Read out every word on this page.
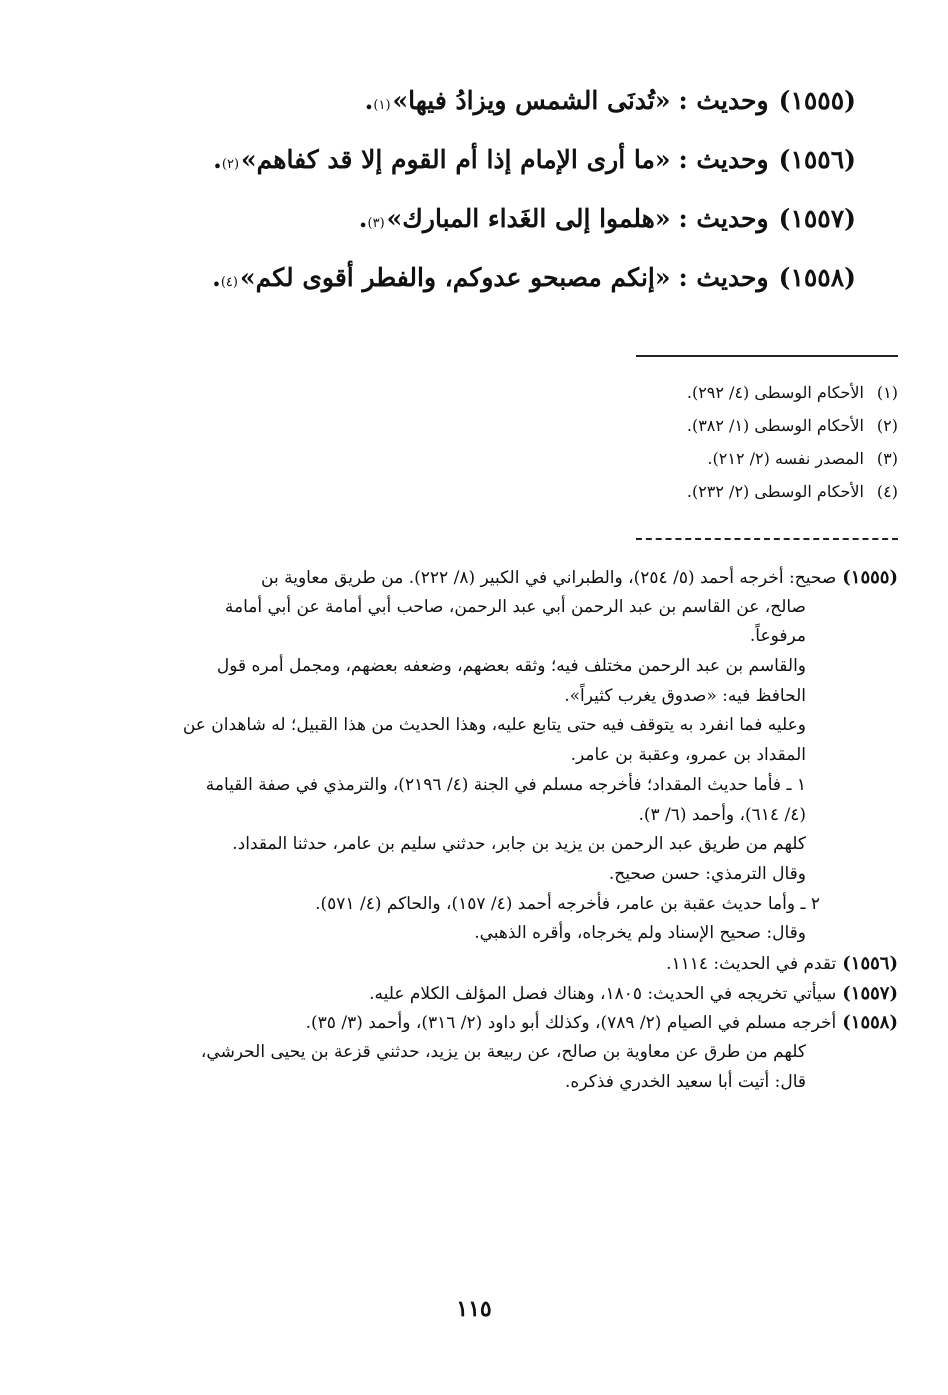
(١٥٥٥)
وحديث :
«تُدنَى الشمس ويزادُ فيها»
(١)
.
(١٥٥٦)
وحديث :
«ما أرى الإمام إذا أم القوم إلا قد كفاهم»
(٢)
.
(١٥٥٧)
وحديث :
«هلموا إلى الغَداء المبارك»
(٣)
.
(١٥٥٨)
وحديث :
«إنكم مصبحو عدوكم، والفطر أقوى لكم»
(٤)
.
(١)
الأحكام الوسطى (٤/ ٢٩٢).
(٢)
الأحكام الوسطى (١/ ٣٨٢).
(٣)
المصدر نفسه (٢/ ٢١٢).
(٤)
الأحكام الوسطى (٢/ ٢٣٢).
(١٥٥٥)صحيح: أخرجه أحمد (٥/ ٢٥٤)، والطبراني في الكبير (٨/ ٢٢٢). من طريق معاوية بن
صالح، عن القاسم بن عبد الرحمن أبي عبد الرحمن، صاحب أبي أمامة عن أبي أمامة
مرفوعاً.
والقاسم بن عبد الرحمن مختلف فيه؛ وثقه بعضهم، وضعفه بعضهم، ومجمل أمره قول
الحافظ فيه: «صدوق يغرب كثيراً».
وعليه فما انفرد به يتوقف فيه حتى يتابع عليه، وهذا الحديث من هذا القبيل؛ له شاهدان عن
المقداد بن عمرو، وعقبة بن عامر.
١ ـ فأما حديث المقداد؛ فأخرجه مسلم في الجنة (٤/ ٢١٩٦)، والترمذي في صفة القيامة
(٤/ ٦١٤)، وأحمد (٦/ ٣).
كلهم من طريق عبد الرحمن بن يزيد بن جابر، حدثني سليم بن عامر، حدثنا المقداد.
وقال الترمذي: حسن صحيح.
٢ ـ وأما حديث عقبة بن عامر، فأخرجه أحمد (٤/ ١٥٧)، والحاكم (٤/ ٥٧١).
وقال: صحيح الإسناد ولم يخرجاه، وأقره الذهبي.
(١٥٥٦)تقدم في الحديث: ١١١٤.
(١٥٥٧)سيأتي تخريجه في الحديث: ١٨٠٥، وهناك فصل المؤلف الكلام عليه.
(١٥٥٨)أخرجه مسلم في الصيام (٢/ ٧٨٩)، وكذلك أبو داود (٢/ ٣١٦)، وأحمد (٣/ ٣٥).
كلهم من طرق عن معاوية بن صالح، عن ربيعة بن يزيد، حدثني قزعة بن يحيى الحرشي،
قال: أتيت أبا سعيد الخدري فذكره.
١١٥
